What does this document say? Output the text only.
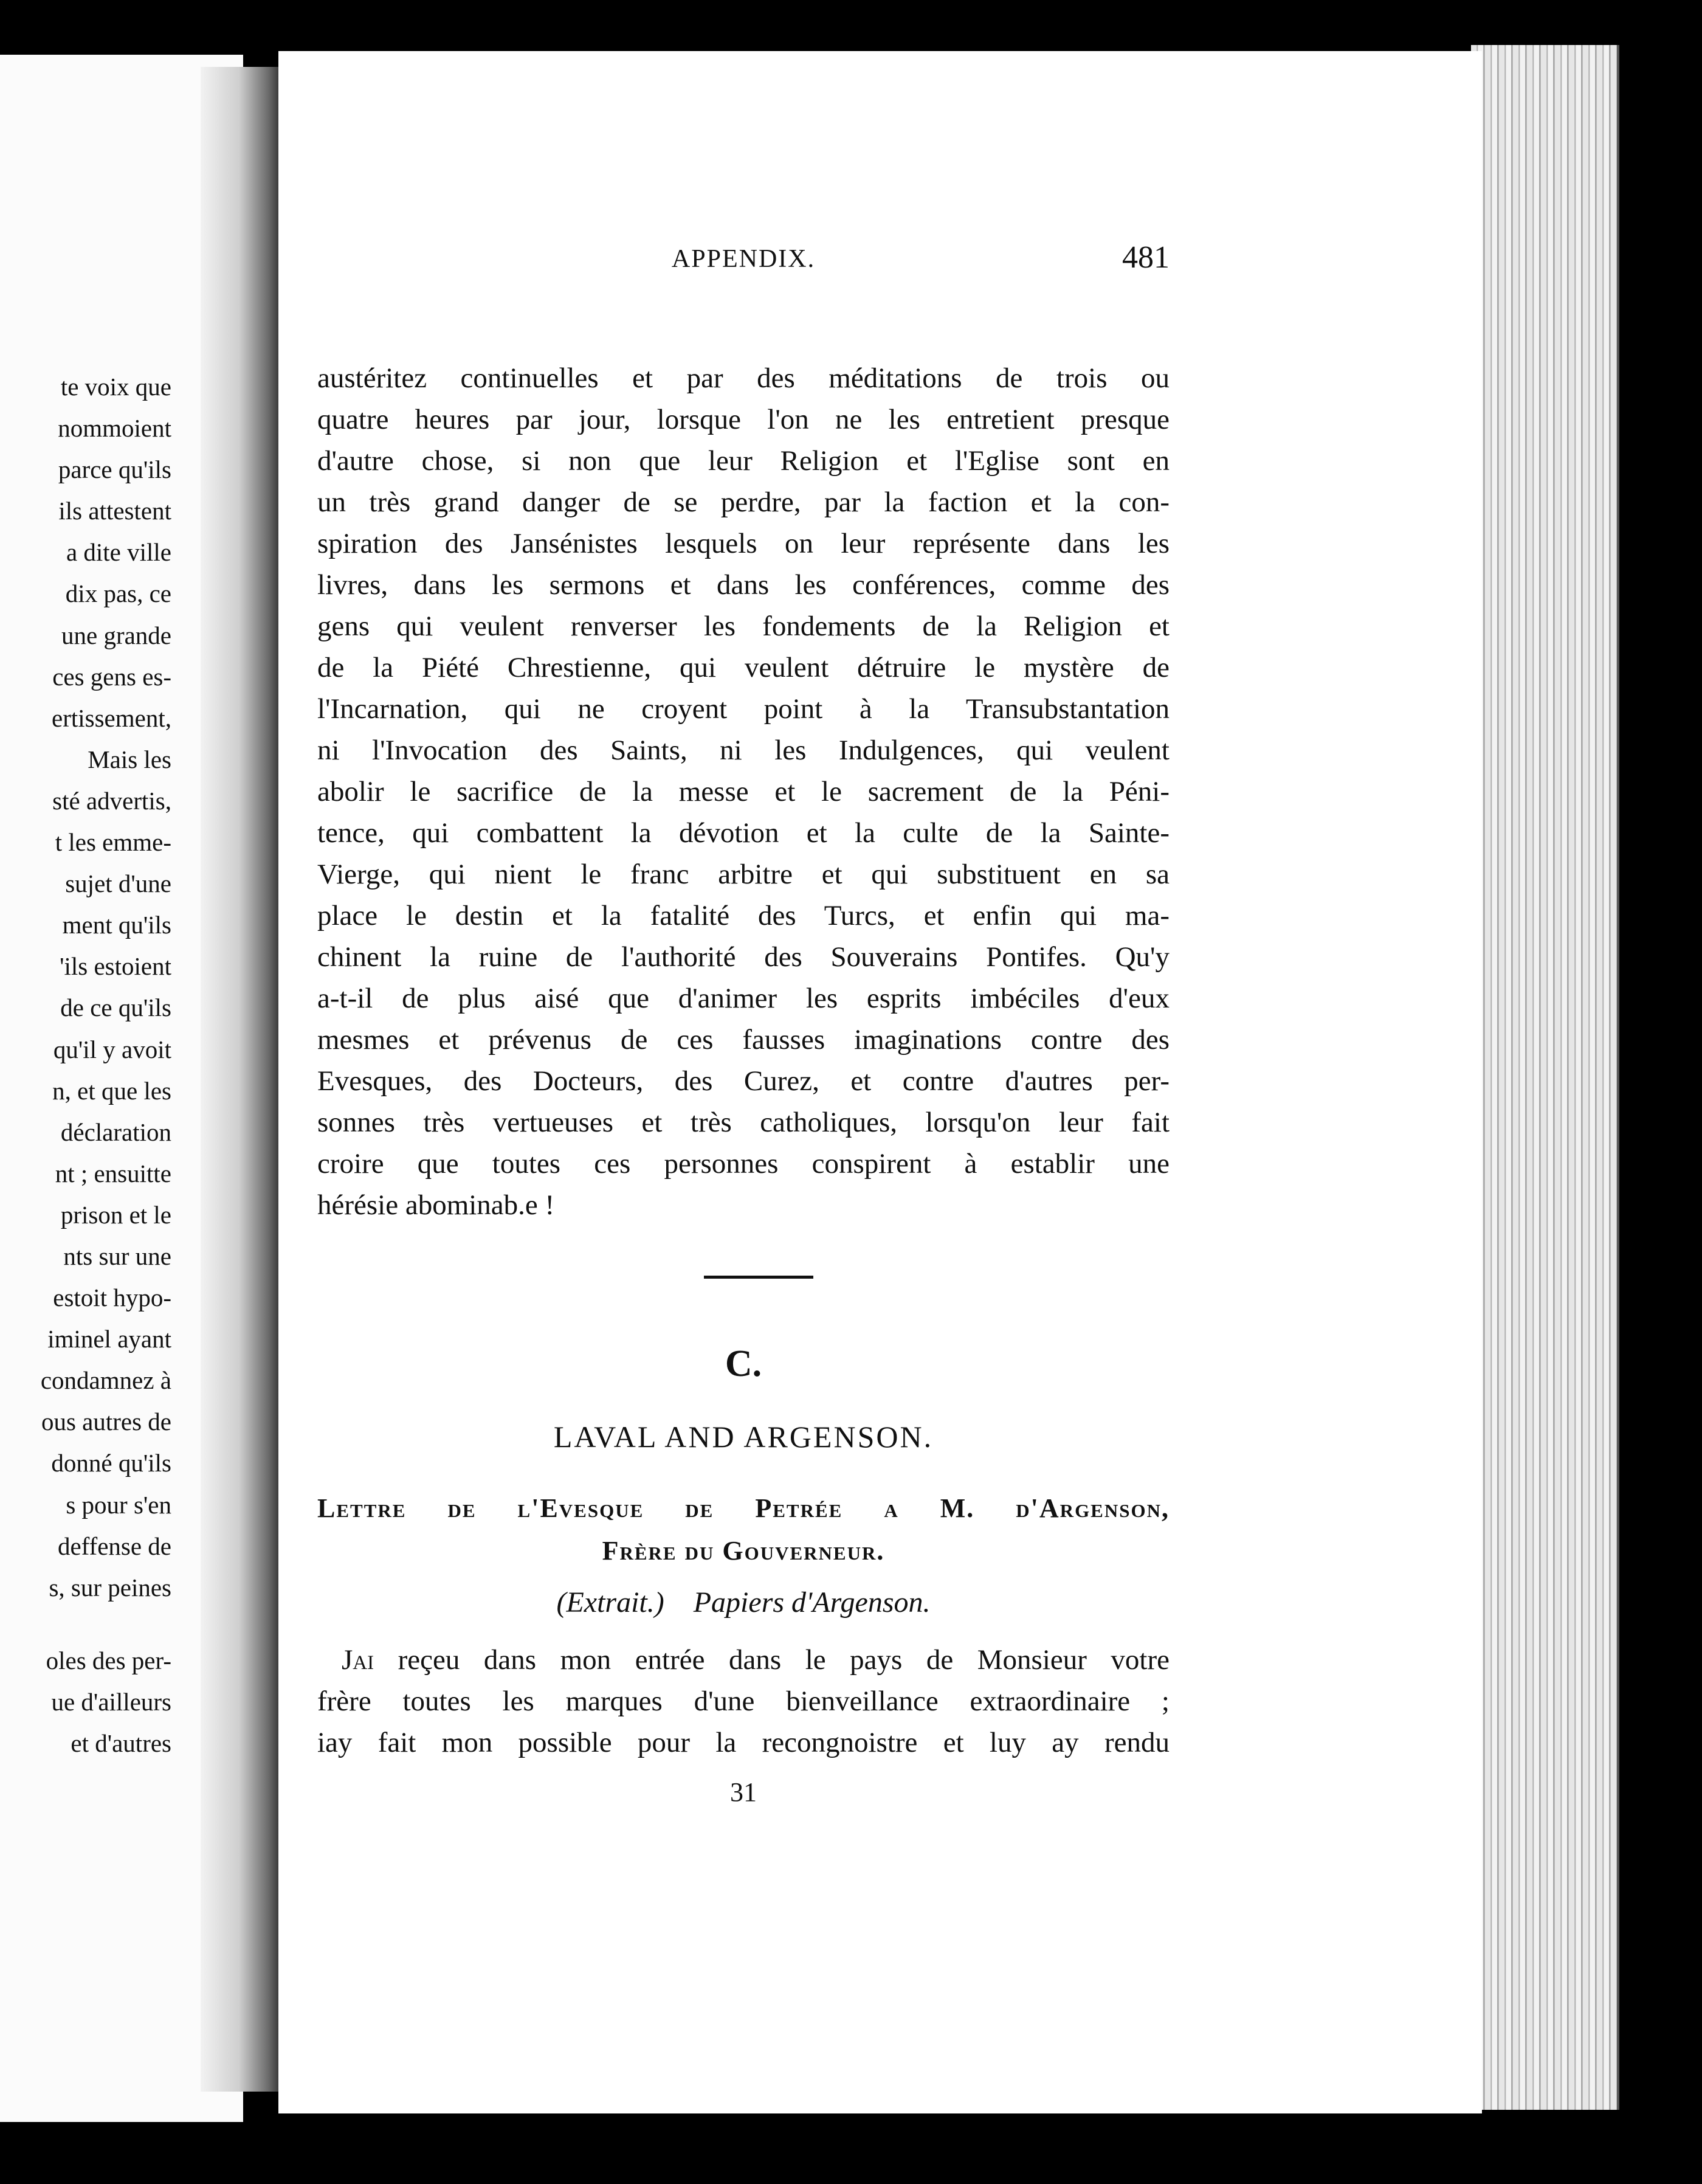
te voix que
nommoient
parce qu'ils
ils attestent
a dite ville
dix pas, ce
une grande
ces gens es-
ertissement,
Mais les
sté advertis,
t les emme-
sujet d'une
ment qu'ils
'ils estoient
de ce qu'ils
qu'il y avoit
n, et que les
déclaration
nt ; ensuitte
prison et le
nts sur une
estoit hypo-
iminel ayant
condamnez à
ous autres de
donné qu'ils
s pour s'en
deffense de
s, sur peines
oles des per-
ue d'ailleurs
et d'autres
APPENDIX.	481
austéritez continuelles et par des méditations de trois ou
quatre heures par jour, lorsque l'on ne les entretient presque
d'autre chose, si non que leur Religion et l'Eglise sont en
un très grand danger de se perdre, par la faction et la con-
spiration des Jansénistes lesquels on leur représente dans les
livres, dans les sermons et dans les conférences, comme des
gens qui veulent renverser les fondements de la Religion et
de la Piété Chrestienne, qui veulent détruire le mystère de
l'Incarnation, qui ne croyent point à la Transubstantation
ni l'Invocation des Saints, ni les Indulgences, qui veulent
abolir le sacrifice de la messe et le sacrement de la Péni-
tence, qui combattent la dévotion et la culte de la Sainte-
Vierge, qui nient le franc arbitre et qui substituent en sa
place le destin et la fatalité des Turcs, et enfin qui ma-
chinent la ruine de l'authorité des Souverains Pontifes. Qu'y
a-t-il de plus aisé que d'animer les esprits imbéciles d'eux
mesmes et prévenus de ces fausses imaginations contre des
Evesques, des Docteurs, des Curez, et contre d'autres per-
sonnes très vertueuses et très catholiques, lorsqu'on leur fait
croire que toutes ces personnes conspirent à establir une
hérésie abominab.e !
C.
LAVAL AND ARGENSON.
Lettre de l'Evesque de Petrée a M. d'Argenson,
Frère du Gouverneur.
(Extrait.) Papiers d'Argenson.
Jai reçeu dans mon entrée dans le pays de Monsieur votre
frère toutes les marques d'une bienveillance extraordinaire ;
iay fait mon possible pour la recongnoistre et luy ay rendu
31
